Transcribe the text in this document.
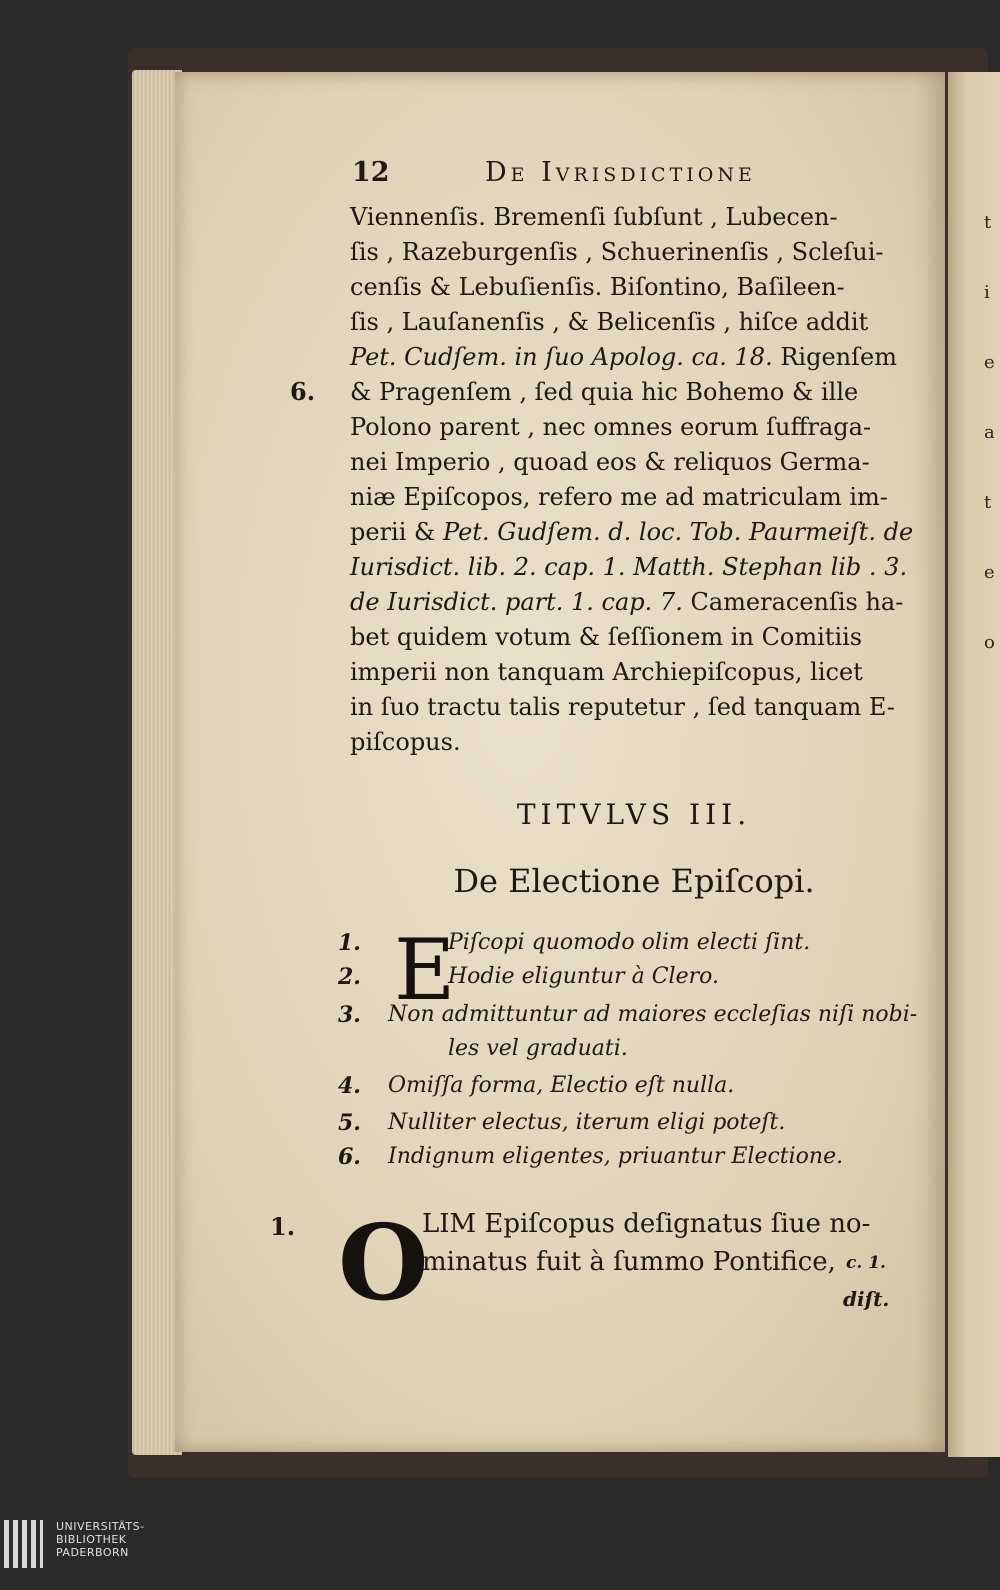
t
i
e
a
t
e
o
12	De Ivrisdictione
Viennenſis. Bremenſi ſubſunt , Lubecen-
ſis , Razeburgenſis , Schuerinenſis , Scleſui-
cenſis & Lebuſienſis. Biſontino, Baſileen-
ſis , Lauſanenſis , & Belicenſis , hiſce addit
Pet. Cudſem. in ſuo Apolog. ca. 18. Rigenſem
& Pragenſem , ſed quia hic Bohemo & ille
Polono parent , nec omnes eorum ſuffraga-
nei Imperio , quoad eos & reliquos Germa-
niæ Epiſcopos, refero me ad matriculam im-
perii & Pet. Gudſem. d. loc. Tob. Paurmeiſt. de
Iurisdict. lib. 2. cap. 1. Matth. Stephan lib . 3.
de Iurisdict. part. 1. cap. 7. Cameracenſis ha-
bet quidem votum & ſeſſionem in Comitiis
imperii non tanquam Archiepiſcopus, licet
in ſuo tractu talis reputetur , ſed tanquam E-
piſcopus.
6.
TITVLVS III.
De Electione Epiſcopi.
E
1.	Piſcopi quomodo olim electi ſint.
2.	Hodie eliguntur à Clero.
3.	Non admittuntur ad maiores eccleſias niſi nobi-
les vel graduati.
4.	Omiſſa forma, Electio eſt nulla.
5.	Nulliter electus, iterum eligi poteſt.
6.	Indignum eligentes, priuantur Electione.
1. O
LIM Epiſcopus deſignatus ſiue no-
minatus fuit à ſummo Pontifice, c. 1.
diſt.
UNIVERSITÄTS-
BIBLIOTHEK
PADERBORN
